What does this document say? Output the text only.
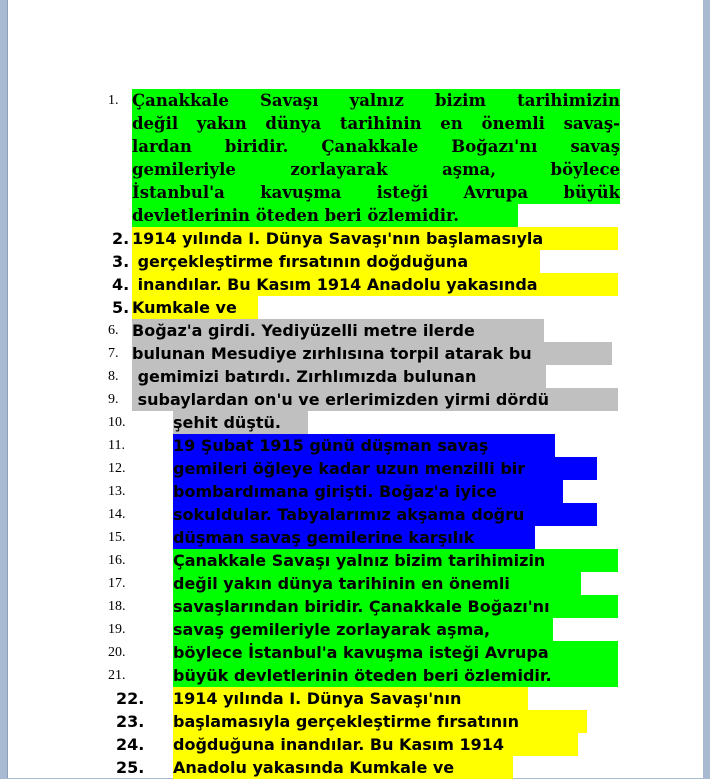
1. Çanakkale Savaşı yalnız bizim tarihimizin
değil yakın dünya tarihinin en önemli savaş-
lardan biridir. Çanakkale Boğazı'nı savaş
gemileriyle zorlayarak aşma, böylece
İstanbul'a kavuşma isteği Avrupa büyük
devletlerinin öteden beri özlemidir.
2. 1914 yılında I. Dünya Savaşı'nın başlamasıyla
3. gerçekleştirme fırsatının doğduğuna
4. inandılar. Bu Kasım 1914 Anadolu yakasında
5. Kumkale ve
6. Boğaz'a girdi. Yediyüzelli metre ilerde
7. bulunan Mesudiye zırhlısına torpil atarak bu
8. gemimizi batırdı. Zırhlımızda bulunan
9. subaylardan on'u ve erlerimizden yirmi dördü
10.	şehit düştü.
11.	19 Şubat 1915 günü düşman savaş
12.	gemileri öğleye kadar uzun menzilli bir
13.	bombardımana girişti. Boğaz'a iyice
14.	sokuldular. Tabyalarımız akşama doğru
15.	düşman savaş gemilerine karşılık
16.	Çanakkale Savaşı yalnız bizim tarihimizin
17.	değil yakın dünya tarihinin en önemli
18.	savaşlarından biridir. Çanakkale Boğazı'nı
19.	savaş gemileriyle zorlayarak aşma,
20.	böylece İstanbul'a kavuşma isteği Avrupa
21.	büyük devletlerinin öteden beri özlemidir.
22. 1914 yılında I. Dünya Savaşı'nın
23. başlamasıyla gerçekleştirme fırsatının
24. doğduğuna inandılar. Bu Kasım 1914
25. Anadolu yakasında Kumkale ve
